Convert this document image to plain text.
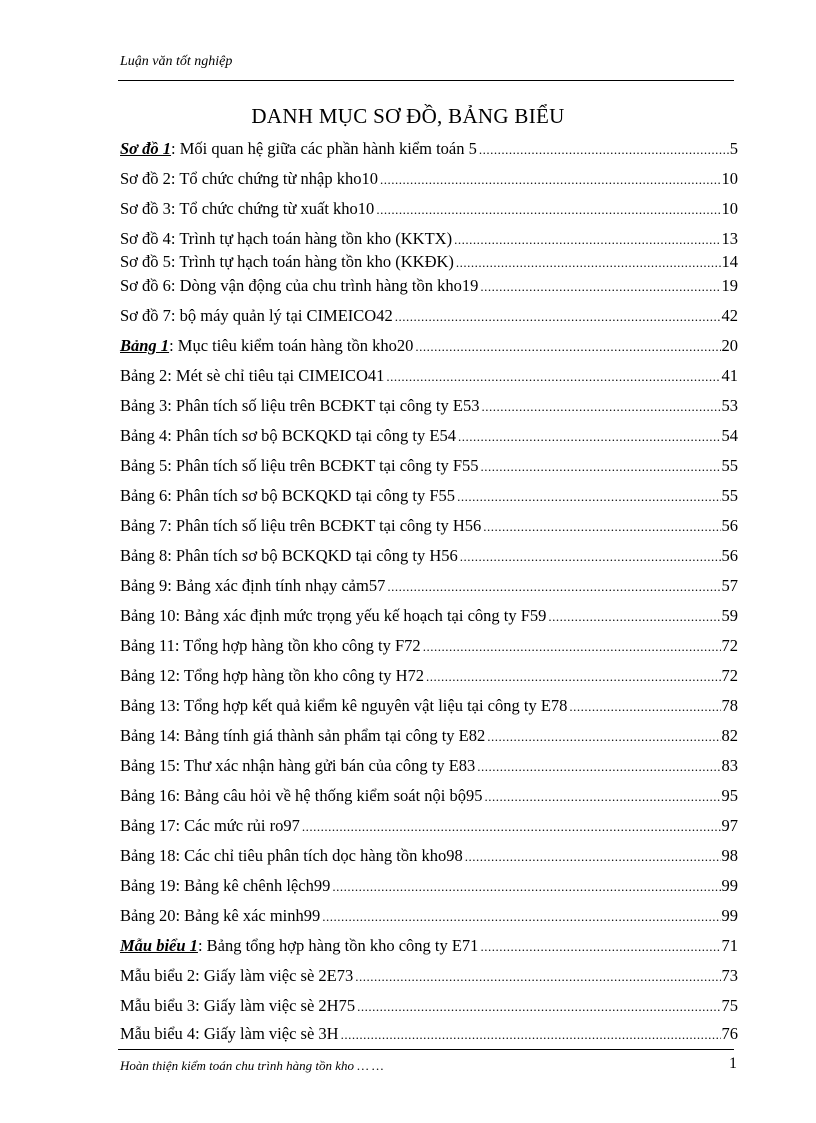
Luận văn tốt nghiệp
DANH MỤC SƠ ĐỒ, BẢNG BIỂU
Sơ đồ 1: Mối quan hệ giữa các phần hành kiểm toán 5 .....	5
Sơ đồ 2: Tổ chức chứng từ nhập kho10 .....	10
Sơ đồ 3: Tổ chức chứng từ xuất kho10 .....	10
Sơ đồ 4: Trình tự hạch toán hàng tồn kho (KKTX) .....	13
Sơ đồ 5: Trình tự hạch toán hàng tồn kho (KKĐK) .....	14
Sơ đồ 6: Dòng vận động của chu trình hàng tồn kho19 .....	19
Sơ đồ 7: bộ máy quản lý tại CIMEICO42 .....	42
Bảng 1: Mục tiêu kiểm toán hàng tồn kho20 .....	20
Bảng 2: Mét sè chỉ tiêu tại CIMEICO41 .....	41
Bảng 3: Phân tích số liệu trên BCĐKT tại công ty E53 .....	53
Bảng 4: Phân tích sơ bộ BCKQKD tại công ty E54 .....	54
Bảng 5: Phân tích số liệu trên BCĐKT tại công ty F55 .....	55
Bảng 6: Phân tích sơ bộ BCKQKD tại công ty F55 .....	55
Bảng 7: Phân tích số liệu trên BCĐKT tại công ty H56 .....	56
Bảng 8: Phân tích sơ bộ BCKQKD tại công ty H56 .....	56
Bảng 9: Bảng xác định tính nhạy cảm57 .....	57
Bảng 10: Bảng xác định mức trọng yếu kế hoạch tại công ty F59 .....	59
Bảng 11: Tổng hợp hàng tồn kho công ty F72 .....	72
Bảng 12: Tổng hợp hàng tồn kho công ty H72 .....	72
Bảng 13: Tổng hợp kết quả kiểm kê nguyên vật liệu tại công ty E78 .....	78
Bảng 14: Bảng tính giá thành sản phẩm tại công ty E82 .....	82
Bảng 15: Thư xác nhận hàng gửi bán của công ty E83 .....	83
Bảng 16: Bảng câu hỏi về hệ thống kiểm soát nội bộ95 .....	95
Bảng 17: Các mức rủi ro97 .....	97
Bảng 18: Các chỉ tiêu phân tích dọc hàng tồn kho98 .....	98
Bảng 19: Bảng kê chênh lệch99 .....	99
Bảng 20: Bảng kê xác minh99 .....	99
Mẫu biểu 1: Bảng tổng hợp hàng tồn kho công ty E71 .....	71
Mẫu biểu 2: Giấy làm việc sè 2E73 .....	73
Mẫu biểu 3: Giấy làm việc sè 2H75 .....	75
Mẫu biểu 4: Giấy làm việc sè 3H .....	76
Hoàn thiện kiểm toán chu trình hàng tồn kho … …	1
